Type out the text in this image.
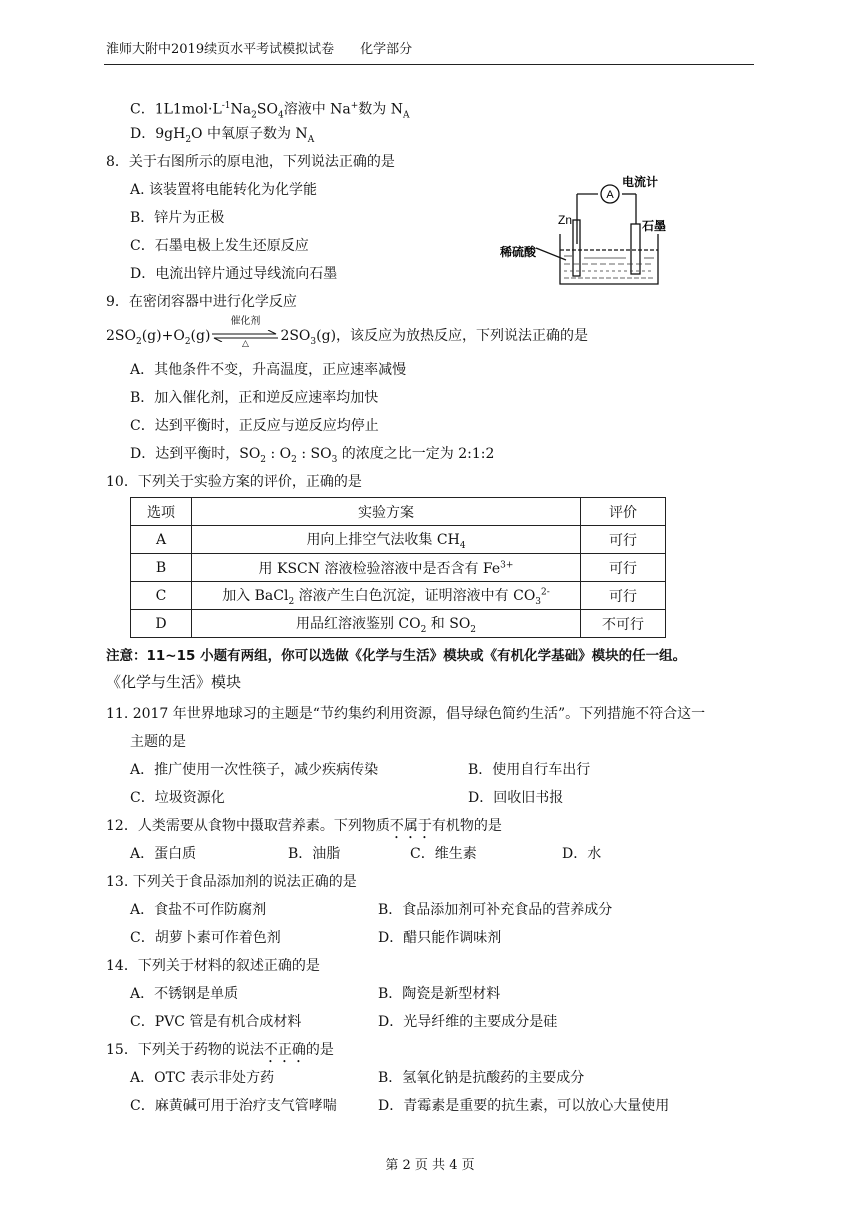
淮师大附中2019续页水平考试模拟试卷　　化学部分
C．$1L1mol\cdot L^{-1}Na_2SO_4$溶液中 Na+数为 $N_A$
D．$9gH_2O$ 中氧原子数为 $N_A$
8．关于右图所示的原电池，下列说法正确的是
A. 该装置将电能转化为化学能
B．锌片为正极
C．石墨电极上发生还原反应
D．电流出锌片通过导线流向石墨
A
电流计
Zn	石墨
稀硫酸
9．在密闭容器中进行化学反应
$2SO_2(g)+O_2(g)$
催化剂
△	$2SO_3(g)$，该反应为放热反应，下列说法正确的是
A．其他条件不变，升高温度，正应速率减慢
B．加入催化剂，正和逆反应速率均加快
C．达到平衡时，正反应与逆反应均停止
D．达到平衡时，$SO_2$ : $O_2$ : $SO_3$ 的浓度之比一定为 2:1:2
10．下列关于实验方案的评价，正确的是
选项	实验方案	评价
A	用向上排空气法收集 $CH_4$	可行
B	用 KSCN 溶液检验溶液中是否含有 $Fe^{3+}$	可行
C	加入 BaCl$_2$ 溶液产生白色沉淀，证明溶液中有 $CO_3^{2-}$	可行
D	用品红溶液鉴别 $CO_2$ 和 $SO_2$	不可行
注意：11~15 小题有两组，你可以选做《化学与生活》模块或《有机化学基础》模块的任一组。
《化学与生活》模块
11. 2017 年世界地球习的主题是“节约集约利用资源，倡导绿色简约生活”。下列措施不符合这一
主题的是
A．推广使用一次性筷子，减少疾病传染	B．使用自行车出行
C．垃圾资源化	D．回收旧书报
12．人类需要从食物中摄取营养素。下列物质不属于有机物的是
A．蛋白质	B．油脂	C．维生素	D．水
13. 下列关于食品添加剂的说法正确的是
A．食盐不可作防腐剂	B．食品添加剂可补充食品的营养成分
C．胡萝卜素可作着色剂	D．醋只能作调味剂
14．下列关于材料的叙述正确的是
A．不锈钢是单质	B．陶瓷是新型材料
C．PVC 管是有机合成材料	D．光导纤维的主要成分是硅
15．下列关于药物的说法不正确的是
A．OTC 表示非处方药	B．氢氧化钠是抗酸药的主要成分
C．麻黄碱可用于治疗支气管哮喘	D．青霉素是重要的抗生素，可以放心大量使用
第 2 页 共 4 页
